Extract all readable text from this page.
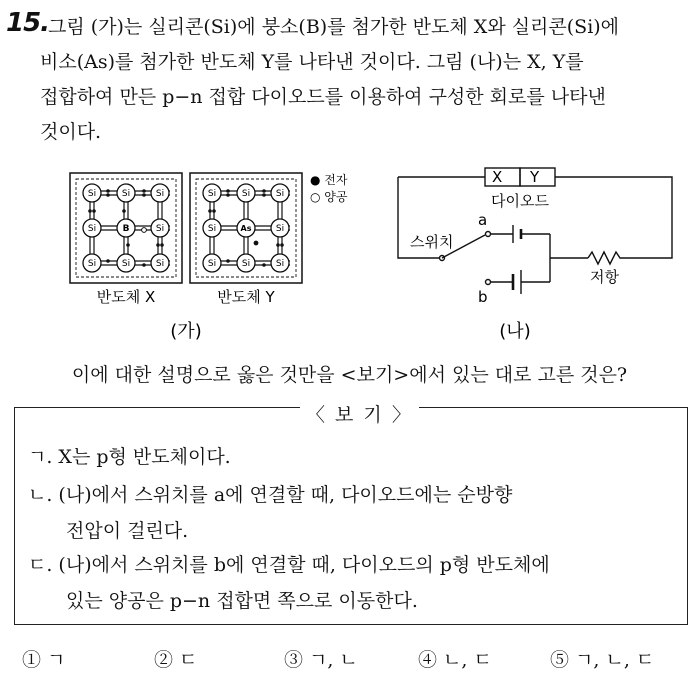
15.

그림 (가)는 실리콘(Si)에 붕소(B)를 첨가한 반도체 X와 실리콘(Si)에
비소(As)를 첨가한 반도체 Y를 나타낸 것이다. 그림 (나)는 X, Y를
접합하여 만든 p−n 접합 다이오드를 이용하여 구성한 회로를 나타낸
것이다.

Si	Si	Si
Si	B	Si
Si	Si	Si
Si	Si	Si
Si	As	Si
Si	Si	Si
● 전자
○ 양공
반도체 X	반도체 Y
(가)
X Y
다이오드
스위치
a
b
저항
(나)
이에 대한 설명으로 옳은 것만을 <보기>에서 있는 대로 고른 것은?
〈 보 기 〉
ㄱ. X는 p형 반도체이다.
ㄴ. (나)에서 스위치를 a에 연결할 때, 다이오드에는 순방향
전압이 걸린다.
ㄷ. (나)에서 스위치를 b에 연결할 때, 다이오드의 p형 반도체에
있는 양공은 p−n 접합면 쪽으로 이동한다.
① ㄱ	② ㄷ	③ ㄱ, ㄴ	④ ㄴ, ㄷ	⑤ ㄱ, ㄴ, ㄷ
